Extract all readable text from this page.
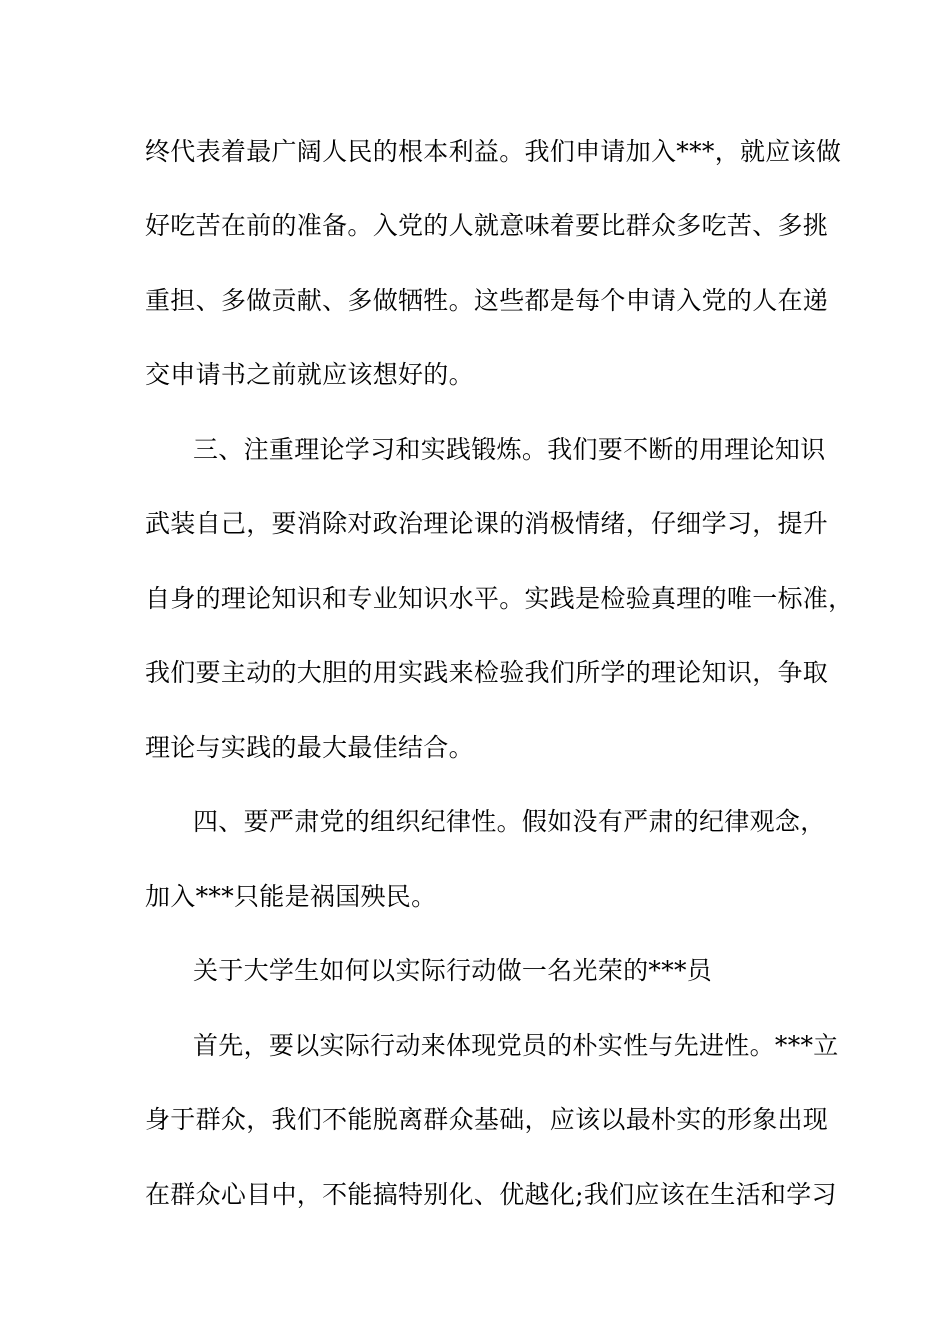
终代表着最广阔人民的根本利益。我们申请加入***，就应该做
好吃苦在前的准备。入党的人就意味着要比群众多吃苦、多挑
重担、多做贡献、多做牺牲。这些都是每个申请入党的人在递
交申请书之前就应该想好的。
三、注重理论学习和实践锻炼。我们要不断的用理论知识
武装自己，要消除对政治理论课的消极情绪，仔细学习，提升
自身的理论知识和专业知识水平。实践是检验真理的唯一标准，
我们要主动的大胆的用实践来检验我们所学的理论知识，争取
理论与实践的最大最佳结合。
四、要严肃党的组织纪律性。假如没有严肃的纪律观念，
加入***只能是祸国殃民。
关于大学生如何以实际行动做一名光荣的***员
首先，要以实际行动来体现党员的朴实性与先进性。***立
身于群众，我们不能脱离群众基础，应该以最朴实的形象出现
在群众心目中，不能搞特别化、优越化;我们应该在生活和学习
